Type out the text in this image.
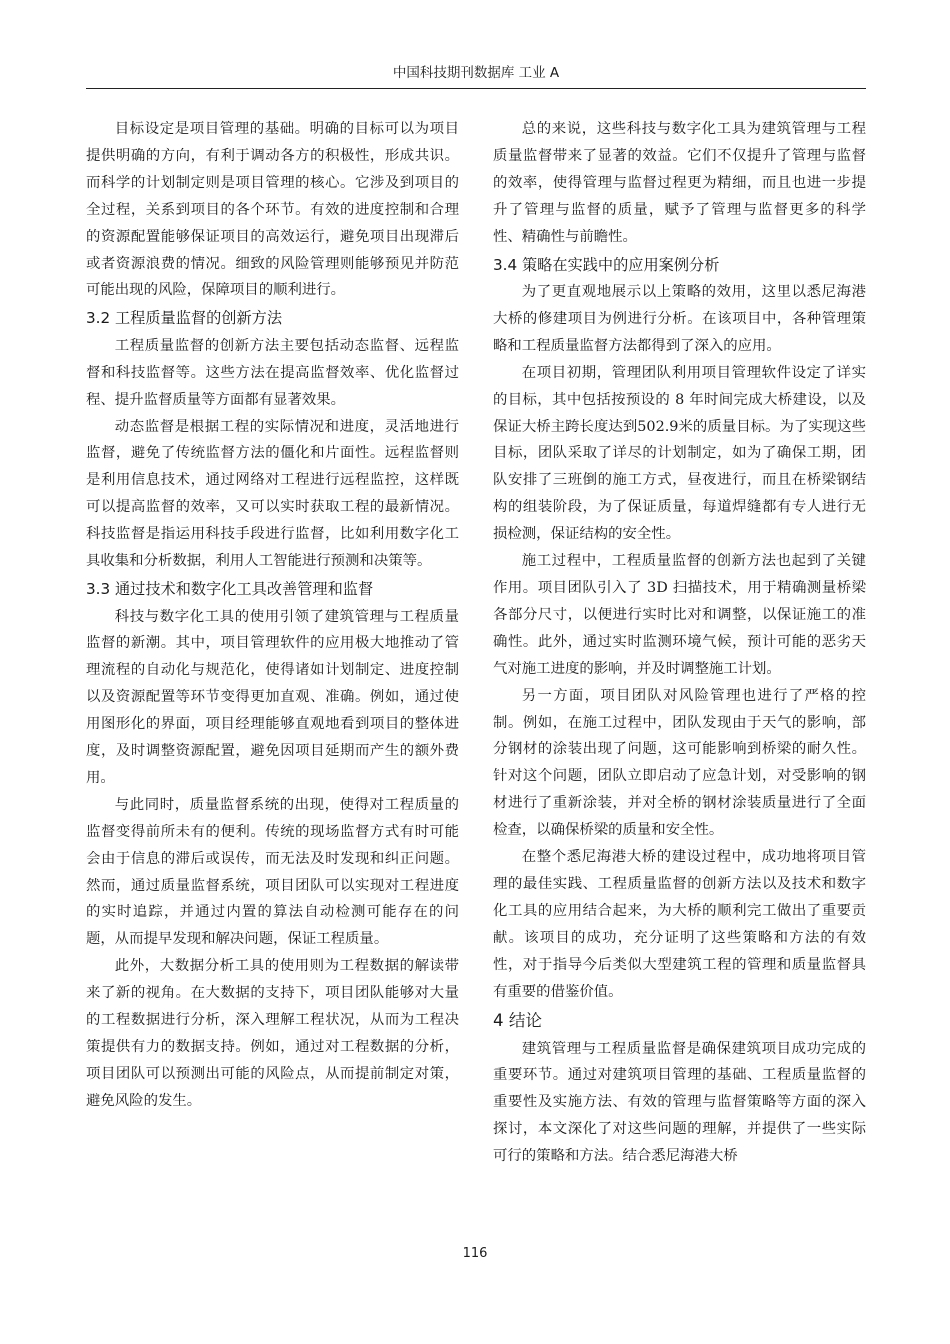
中国科技期刊数据库 工业 A

目标设定是项目管理的基础。明确的目标可以为项目提供明确的方向，有利于调动各方的积极性，形成共识。而科学的计划制定则是项目管理的核心。它涉及到项目的全过程，关系到项目的各个环节。有效的进度控制和合理的资源配置能够保证项目的高效运行，避免项目出现滞后或者资源浪费的情况。细致的风险管理则能够预见并防范可能出现的风险，保障项目的顺利进行。

3.2 工程质量监督的创新方法

工程质量监督的创新方法主要包括动态监督、远程监督和科技监督等。这些方法在提高监督效率、优化监督过程、提升监督质量等方面都有显著效果。

动态监督是根据工程的实际情况和进度，灵活地进行监督，避免了传统监督方法的僵化和片面性。远程监督则是利用信息技术，通过网络对工程进行远程监控，这样既可以提高监督的效率，又可以实时获取工程的最新情况。科技监督是指运用科技手段进行监督，比如利用数字化工具收集和分析数据，利用人工智能进行预测和决策等。

3.3 通过技术和数字化工具改善管理和监督

科技与数字化工具的使用引领了建筑管理与工程质量监督的新潮。其中，项目管理软件的应用极大地推动了管理流程的自动化与规范化，使得诸如计划制定、进度控制以及资源配置等环节变得更加直观、准确。例如，通过使用图形化的界面，项目经理能够直观地看到项目的整体进度，及时调整资源配置，避免因项目延期而产生的额外费用。

与此同时，质量监督系统的出现，使得对工程质量的监督变得前所未有的便利。传统的现场监督方式有时可能会由于信息的滞后或误传，而无法及时发现和纠正问题。然而，通过质量监督系统，项目团队可以实现对工程进度的实时追踪，并通过内置的算法自动检测可能存在的问题，从而提早发现和解决问题，保证工程质量。

此外，大数据分析工具的使用则为工程数据的解读带来了新的视角。在大数据的支持下，项目团队能够对大量的工程数据进行分析，深入理解工程状况，从而为工程决策提供有力的数据支持。例如，通过对工程数据的分析，项目团队可以预测出可能的风险点，从而提前制定对策，避免风险的发生。

总的来说，这些科技与数字化工具为建筑管理与工程质量监督带来了显著的效益。它们不仅提升了管理与监督的效率，使得管理与监督过程更为精细，而且也进一步提升了管理与监督的质量，赋予了管理与监督更多的科学性、精确性与前瞻性。

3.4 策略在实践中的应用案例分析

为了更直观地展示以上策略的效用，这里以悉尼海港大桥的修建项目为例进行分析。在该项目中，各种管理策略和工程质量监督方法都得到了深入的应用。

在项目初期，管理团队利用项目管理软件设定了详实的目标，其中包括按预设的 8 年时间完成大桥建设，以及保证大桥主跨长度达到502.9米的质量目标。为了实现这些目标，团队采取了详尽的计划制定，如为了确保工期，团队安排了三班倒的施工方式，昼夜进行，而且在桥梁钢结构的组装阶段，为了保证质量，每道焊缝都有专人进行无损检测，保证结构的安全性。

施工过程中，工程质量监督的创新方法也起到了关键作用。项目团队引入了 3D 扫描技术，用于精确测量桥梁各部分尺寸，以便进行实时比对和调整，以保证施工的准确性。此外，通过实时监测环境气候，预计可能的恶劣天气对施工进度的影响，并及时调整施工计划。

另一方面，项目团队对风险管理也进行了严格的控制。例如，在施工过程中，团队发现由于天气的影响，部分钢材的涂装出现了问题，这可能影响到桥梁的耐久性。针对这个问题，团队立即启动了应急计划，对受影响的钢材进行了重新涂装，并对全桥的钢材涂装质量进行了全面检查，以确保桥梁的质量和安全性。

在整个悉尼海港大桥的建设过程中，成功地将项目管理的最佳实践、工程质量监督的创新方法以及技术和数字化工具的应用结合起来，为大桥的顺利完工做出了重要贡献。该项目的成功，充分证明了这些策略和方法的有效性，对于指导今后类似大型建筑工程的管理和质量监督具有重要的借鉴价值。

4 结论

建筑管理与工程质量监督是确保建筑项目成功完成的重要环节。通过对建筑项目管理的基础、工程质量监督的重要性及实施方法、有效的管理与监督策略等方面的深入探讨，本文深化了对这些问题的理解，并提供了一些实际可行的策略和方法。结合悉尼海港大桥

116
